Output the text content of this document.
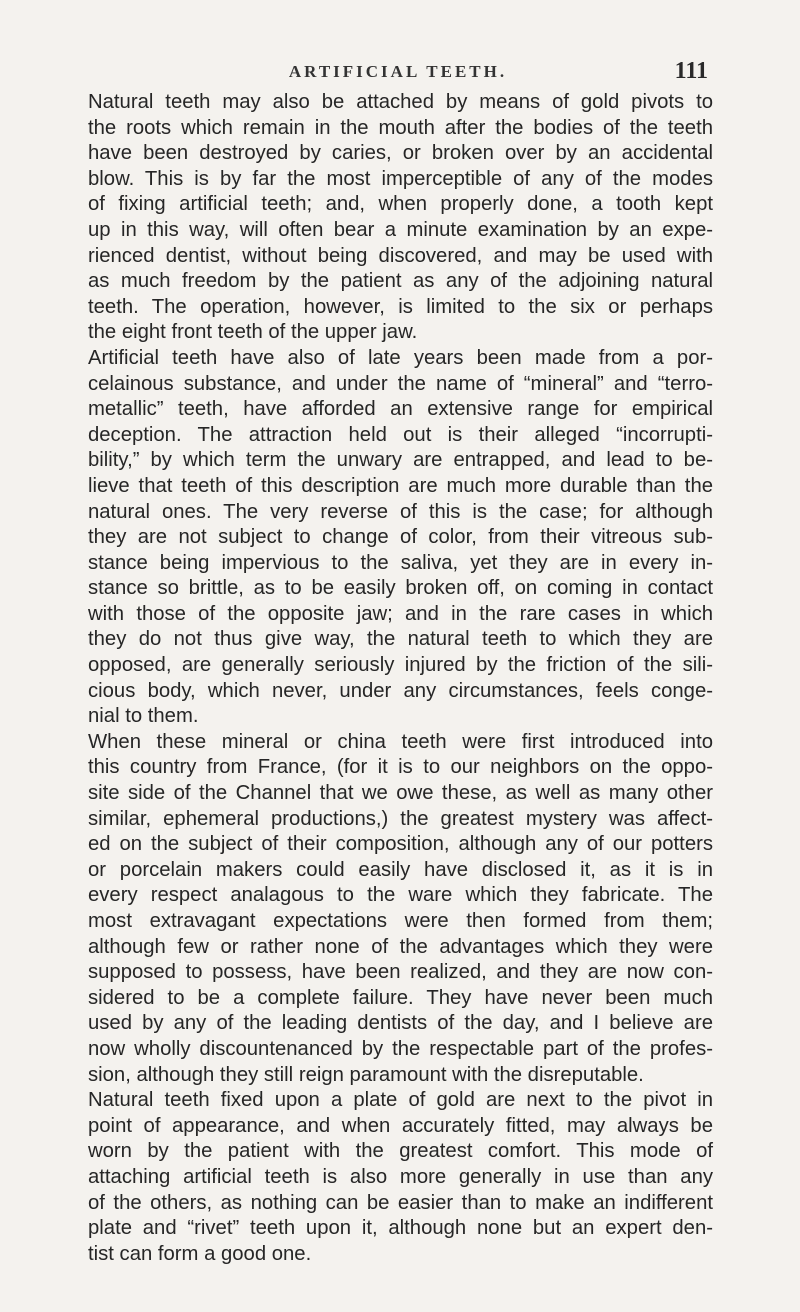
ARTIFICIAL TEETH.	111
Natural teeth may also be attached by means of gold pivots to
the roots which remain in the mouth after the bodies of the teeth
have been destroyed by caries, or broken over by an accidental
blow. This is by far the most imperceptible of any of the modes
of fixing artificial teeth; and, when properly done, a tooth kept
up in this way, will often bear a minute examination by an expe-
rienced dentist, without being discovered, and may be used with
as much freedom by the patient as any of the adjoining natural
teeth. The operation, however, is limited to the six or perhaps
the eight front teeth of the upper jaw.
Artificial teeth have also of late years been made from a por-
celainous substance, and under the name of “mineral” and “terro-
metallic” teeth, have afforded an extensive range for empirical
deception. The attraction held out is their alleged “incorrupti-
bility,” by which term the unwary are entrapped, and lead to be-
lieve that teeth of this description are much more durable than the
natural ones. The very reverse of this is the case; for although
they are not subject to change of color, from their vitreous sub-
stance being impervious to the saliva, yet they are in every in-
stance so brittle, as to be easily broken off, on coming in contact
with those of the opposite jaw; and in the rare cases in which
they do not thus give way, the natural teeth to which they are
opposed, are generally seriously injured by the friction of the sili-
cious body, which never, under any circumstances, feels conge-
nial to them.
When these mineral or china teeth were first introduced into
this country from France, (for it is to our neighbors on the oppo-
site side of the Channel that we owe these, as well as many other
similar, ephemeral productions,) the greatest mystery was affect-
ed on the subject of their composition, although any of our potters
or porcelain makers could easily have disclosed it, as it is in
every respect analagous to the ware which they fabricate. The
most extravagant expectations were then formed from them;
although few or rather none of the advantages which they were
supposed to possess, have been realized, and they are now con-
sidered to be a complete failure. They have never been much
used by any of the leading dentists of the day, and I believe are
now wholly discountenanced by the respectable part of the profes-
sion, although they still reign paramount with the disreputable.
Natural teeth fixed upon a plate of gold are next to the pivot in
point of appearance, and when accurately fitted, may always be
worn by the patient with the greatest comfort. This mode of
attaching artificial teeth is also more generally in use than any
of the others, as nothing can be easier than to make an indifferent
plate and “rivet” teeth upon it, although none but an expert den-
tist can form a good one.
